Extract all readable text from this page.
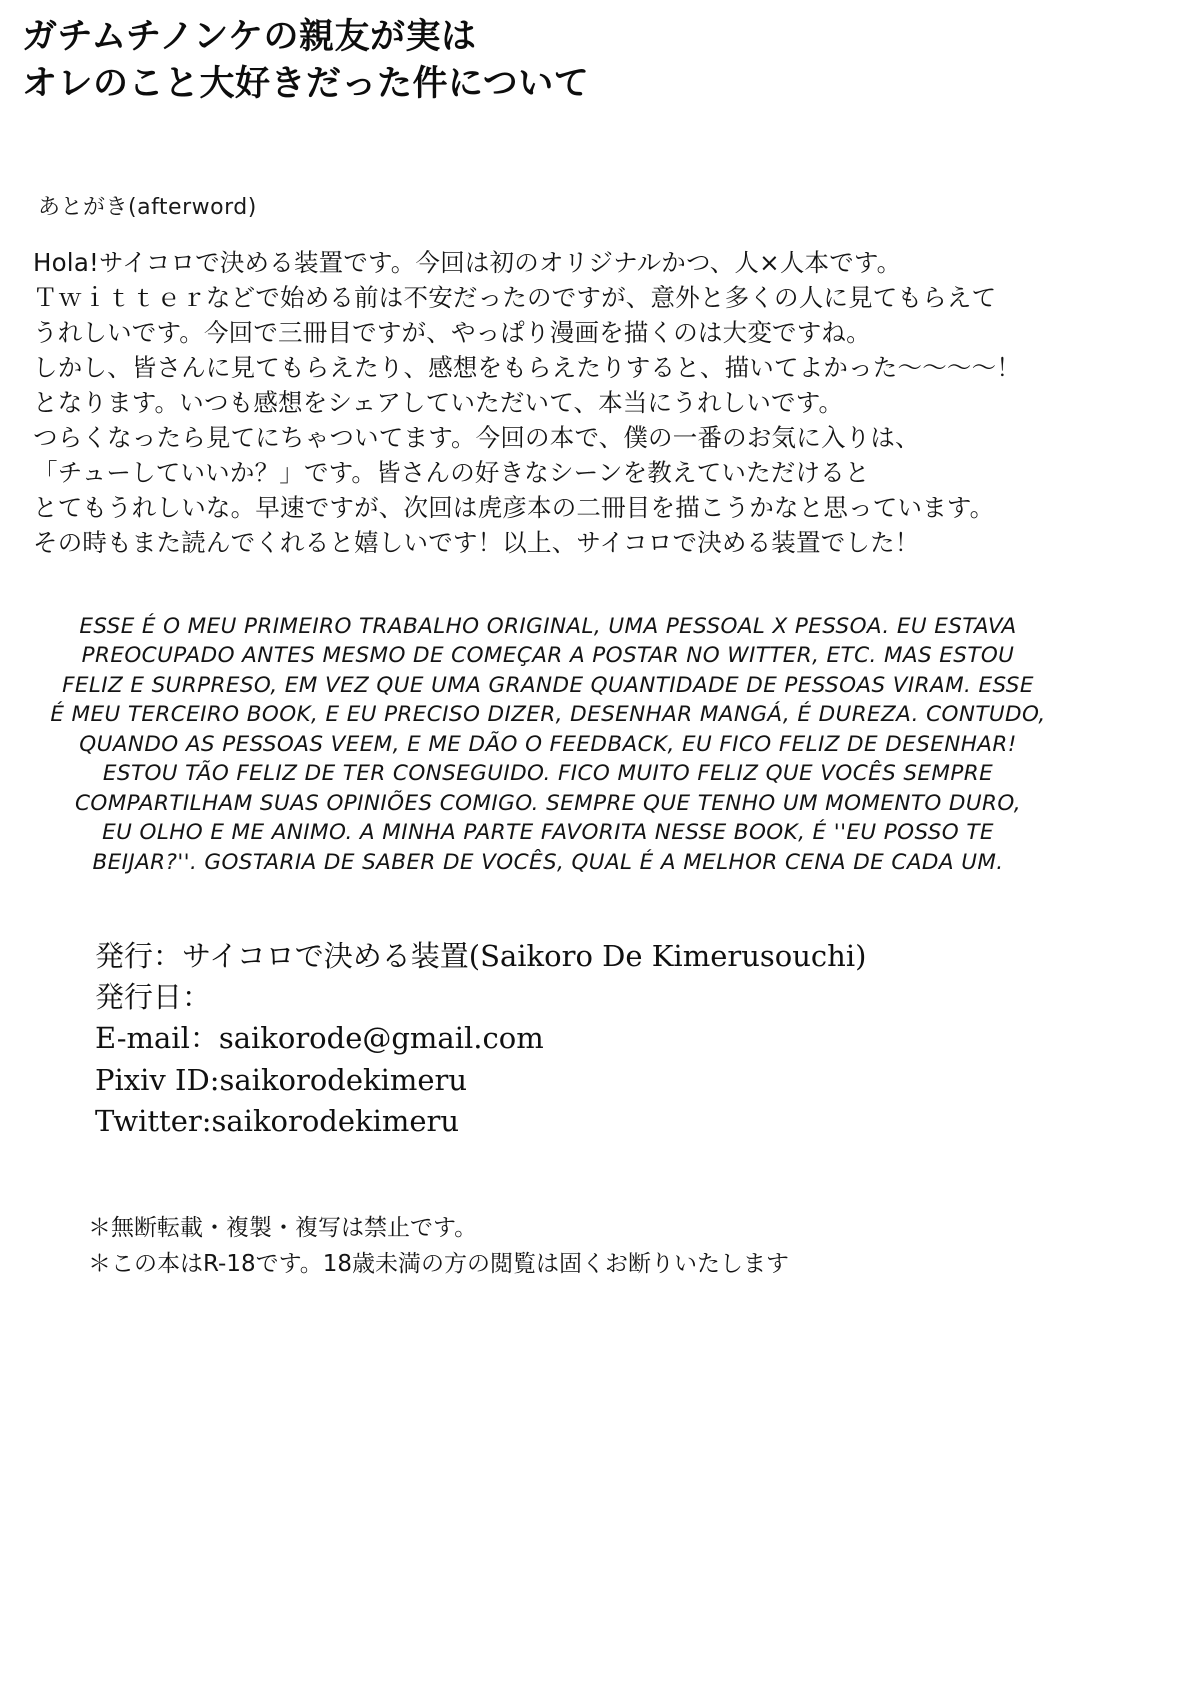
ガチムチノンケの親友が実は
オレのこと大好きだった件について
あとがき(afterword)
Hola!サイコロで決める装置です。今回は初のオリジナルかつ、人×人本です。
Ｔｗｉｔｔｅｒなどで始める前は不安だったのですが、意外と多くの人に見てもらえて
うれしいです。今回で三冊目ですが、やっぱり漫画を描くのは大変ですね。
しかし、皆さんに見てもらえたり、感想をもらえたりすると、描いてよかった〜〜〜〜！
となります。いつも感想をシェアしていただいて、本当にうれしいです。
つらくなったら見てにちゃついてます。今回の本で、僕の一番のお気に入りは、
「チューしていいか？」です。皆さんの好きなシーンを教えていただけると
とてもうれしいな。早速ですが、次回は虎彦本の二冊目を描こうかなと思っています。
その時もまた読んでくれると嬉しいです！以上、サイコロで決める装置でした！
ESSE É O MEU PRIMEIRO TRABALHO ORIGINAL, UMA PESSOAL X PESSOA. EU ESTAVA
PREOCUPADO ANTES MESMO DE COMEÇAR A POSTAR NO WITTER, ETC. MAS ESTOU
FELIZ E SURPRESO, EM VEZ QUE UMA GRANDE QUANTIDADE DE PESSOAS VIRAM. ESSE
É MEU TERCEIRO BOOK, E EU PRECISO DIZER, DESENHAR MANGÁ, É DUREZA. CONTUDO,
QUANDO AS PESSOAS VEEM, E ME DÃO O FEEDBACK, EU FICO FELIZ DE DESENHAR!
ESTOU TÃO FELIZ DE TER CONSEGUIDO. FICO MUITO FELIZ QUE VOCÊS SEMPRE
COMPARTILHAM SUAS OPINIÕES COMIGO. SEMPRE QUE TENHO UM MOMENTO DURO,
EU OLHO E ME ANIMO. A MINHA PARTE FAVORITA NESSE BOOK, É ''EU POSSO TE
BEIJAR?''. GOSTARIA DE SABER DE VOCÊS, QUAL É A MELHOR CENA DE CADA UM.
発行：サイコロで決める装置(Saikoro De Kimerusouchi)
発行日：
E-mail：saikorode@gmail.com
Pixiv ID:saikorodekimeru
Twitter:saikorodekimeru
＊無断転載・複製・複写は禁止です。
＊この本はR-18です。18歳未満の方の閲覧は固くお断りいたします
